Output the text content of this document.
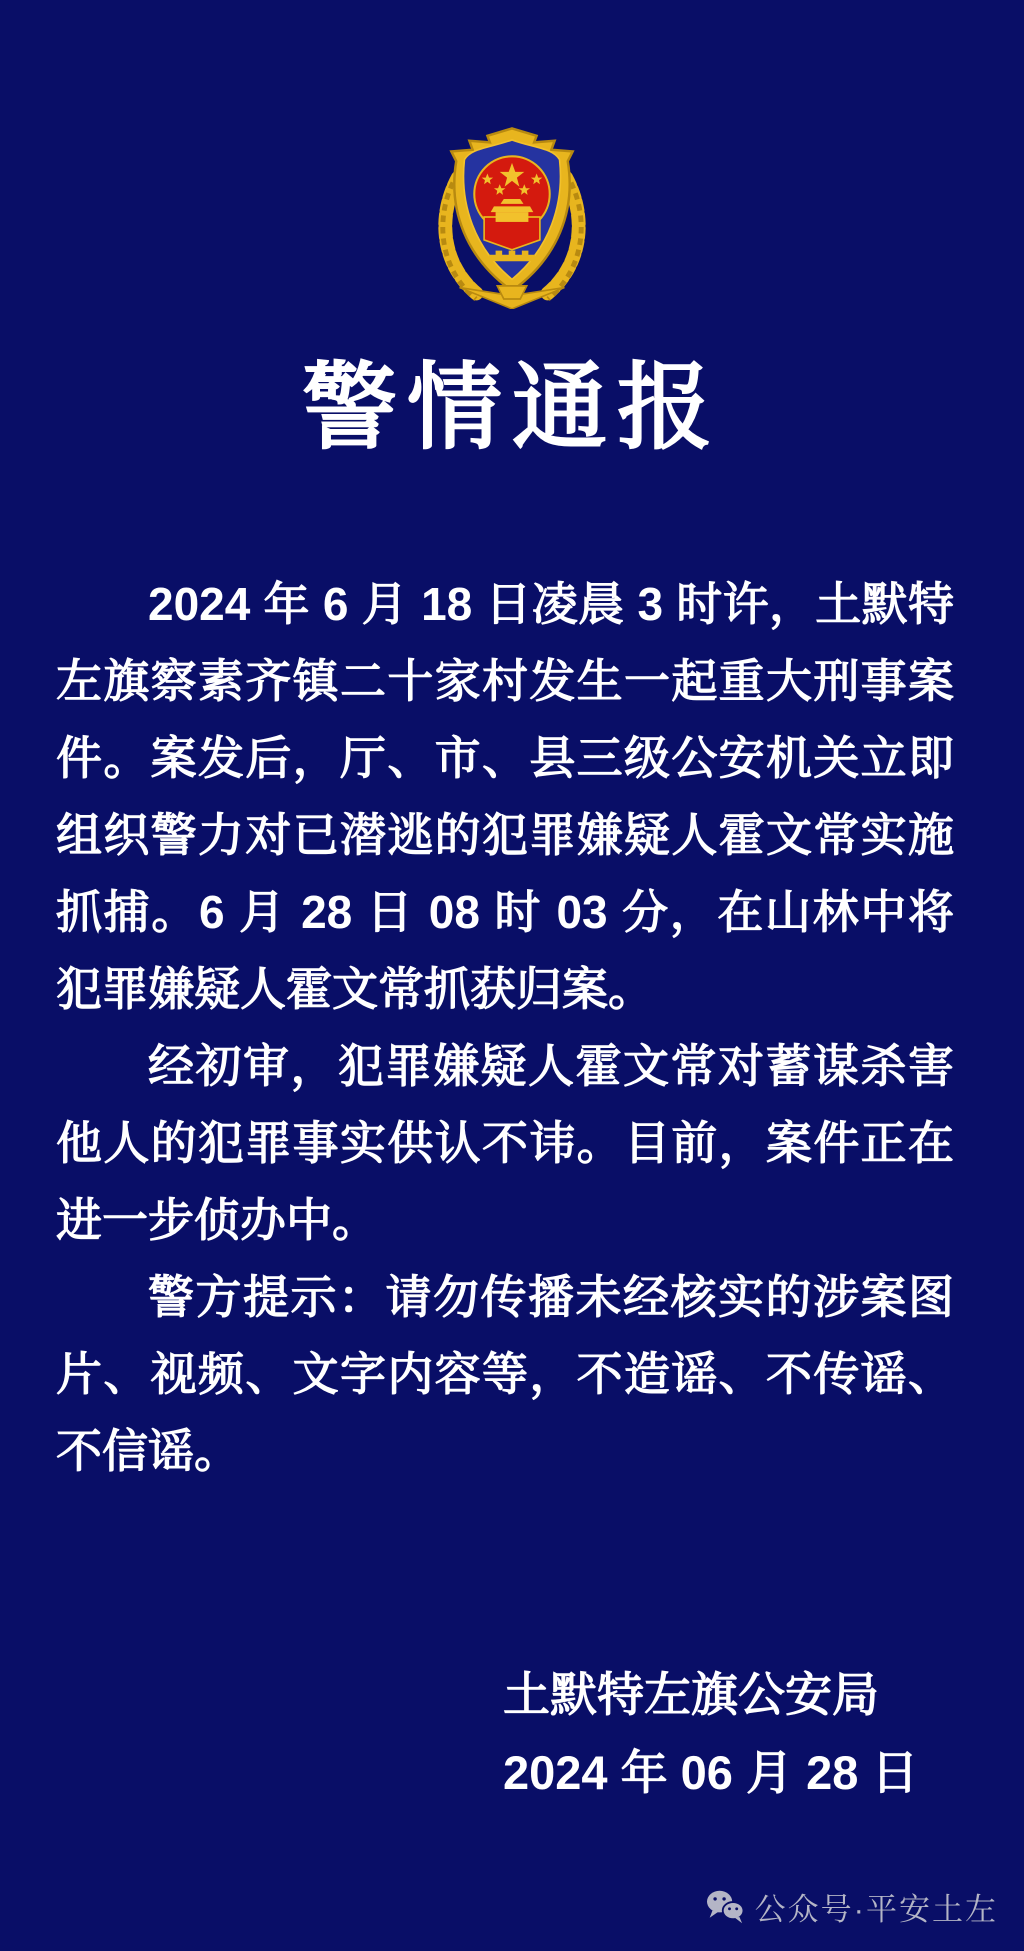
警情通报

2024 年 6 月 18 日凌晨 3 时许，土默特左旗察素齐镇二十家村发生一起重大刑事案件。案发后，厅、市、县三级公安机关立即组织警力对已潜逃的犯罪嫌疑人霍文常实施抓捕。6 月 28 日 08 时 03 分，在山林中将犯罪嫌疑人霍文常抓获归案。

经初审，犯罪嫌疑人霍文常对蓄谋杀害他人的犯罪事实供认不讳。目前，案件正在进一步侦办中。

警方提示：请勿传播未经核实的涉案图片、视频、文字内容等，不造谣、不传谣、不信谣。

土默特左旗公安局

2024 年 06 月 28 日

公众号·平安土左
